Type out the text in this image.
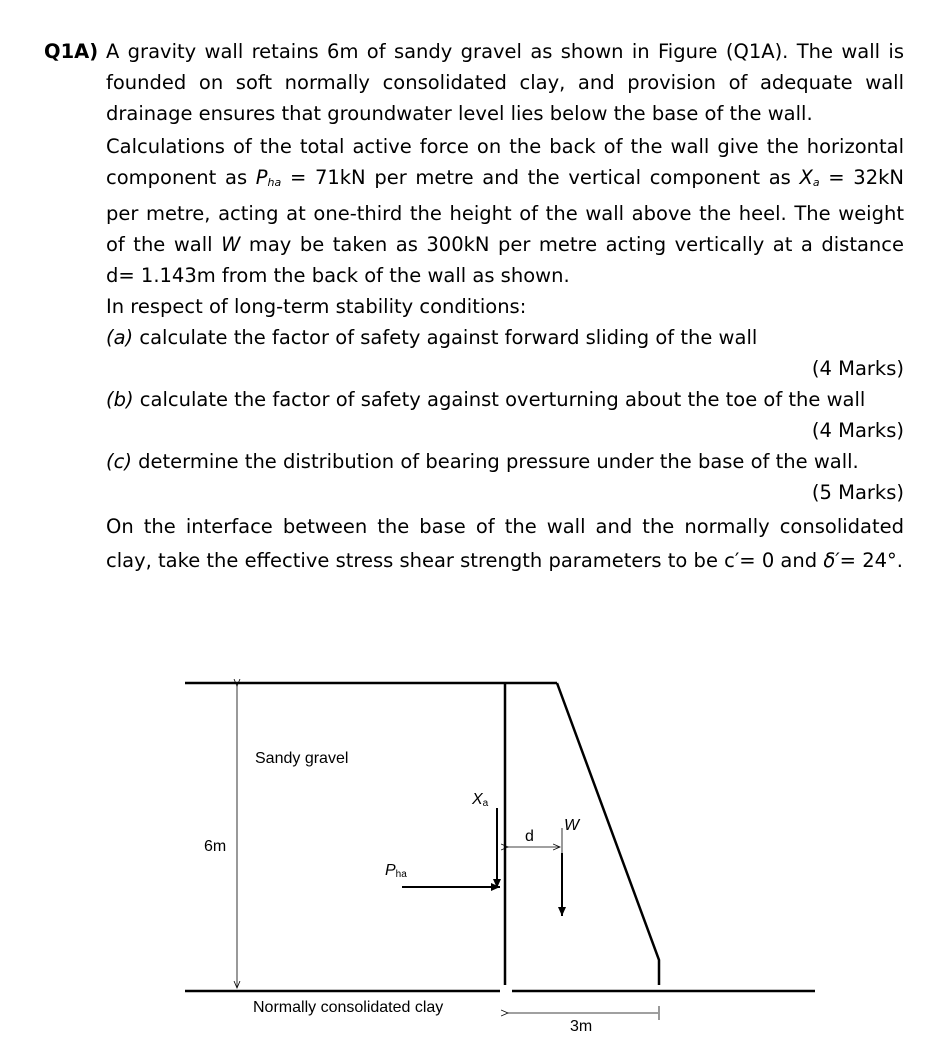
Q1A) A gravity wall retains 6m of sandy gravel as shown in Figure (Q1A). The wall is founded on soft normally consolidated clay, and provision of adequate wall drainage ensures that groundwater level lies below the base of the wall.

Calculations of the total active force on the back of the wall give the horizontal component as $P_{ha} = 71kN$ per metre and the vertical component as $X_a = 32kN$ per metre, acting at one-third the height of the wall above the heel. The weight of the wall W may be taken as 300kN per metre acting vertically at a distance d= 1.143m from the back of the wall as shown.

In respect of long-term stability conditions:

(a) calculate the factor of safety against forward sliding of the wall

(4 Marks)

(b) calculate the factor of safety against overturning about the toe of the wall

(4 Marks)

(c) determine the distribution of bearing pressure under the base of the wall.

(5 Marks)

On the interface between the base of the wall and the normally consolidated clay, take the effective stress shear strength parameters to be c′= 0 and δ′= 24°.

6m
Sandy gravel
Xa
Pha
d
W
Normally consolidated clay
3m
